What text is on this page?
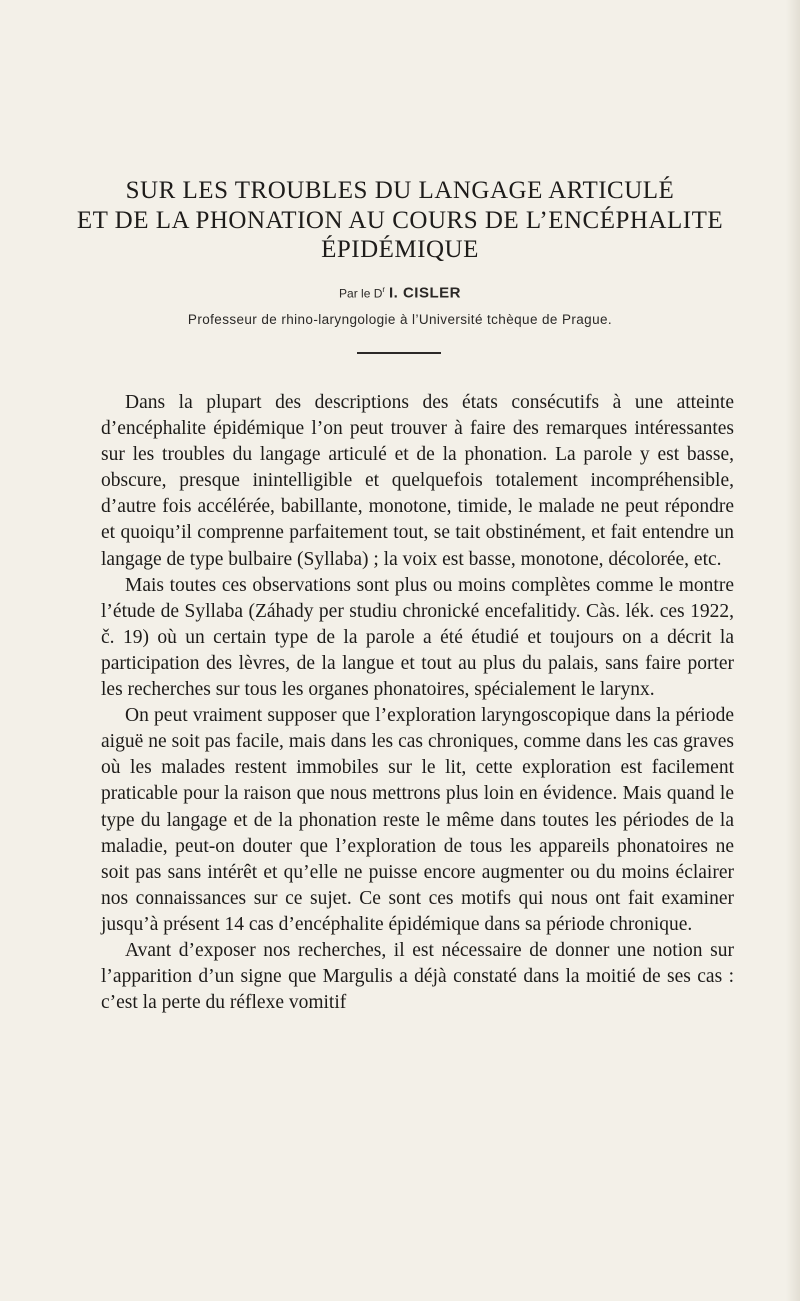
SUR LES TROUBLES DU LANGAGE ARTICULÉ
ET DE LA PHONATION AU COURS DE L’ENCÉPHALITE
ÉPIDÉMIQUE
Par le $D^r$ I. CISLER
Professeur de rhino-laryngologie à l’Université tchèque de Prague.

Dans la plupart des descriptions des états consécutifs à une atteinte d’encéphalite épidémique l’on peut trouver à faire des remarques intéressantes sur les troubles du langage articulé et de la phonation. La parole y est basse, obscure, presque inintelligible et quelquefois totalement incompréhensible, d’autre fois accélérée, babillante, monotone, timide, le malade ne peut répondre et quoiqu’il comprenne parfaitement tout, se tait obstinément, et fait entendre un langage de type bulbaire (Syllaba) ; la voix est basse, monotone, décolorée, etc.

Mais toutes ces observations sont plus ou moins complètes comme le montre l’étude de Syllaba (Záhady per studiu chronické encefalitidy. Càs. lék. ces 1922, č. 19) où un certain type de la parole a été étudié et toujours on a décrit la participation des lèvres, de la langue et tout au plus du palais, sans faire porter les recherches sur tous les organes phonatoires, spécialement le larynx.

On peut vraiment supposer que l’exploration laryngoscopique dans la période aiguë ne soit pas facile, mais dans les cas chroniques, comme dans les cas graves où les malades restent immobiles sur le lit, cette exploration est facilement praticable pour la raison que nous mettrons plus loin en évidence. Mais quand le type du langage et de la phonation reste le même dans toutes les périodes de la maladie, peut-on douter que l’exploration de tous les appareils phonatoires ne soit pas sans intérêt et qu’elle ne puisse encore augmenter ou du moins éclairer nos connaissances sur ce sujet. Ce sont ces motifs qui nous ont fait examiner jusqu’à présent 14 cas d’encéphalite épidémique dans sa période chronique.

Avant d’exposer nos recherches, il est nécessaire de donner une notion sur l’apparition d’un signe que Margulis a déjà constaté dans la moitié de ses cas : c’est la perte du réflexe vomitif
